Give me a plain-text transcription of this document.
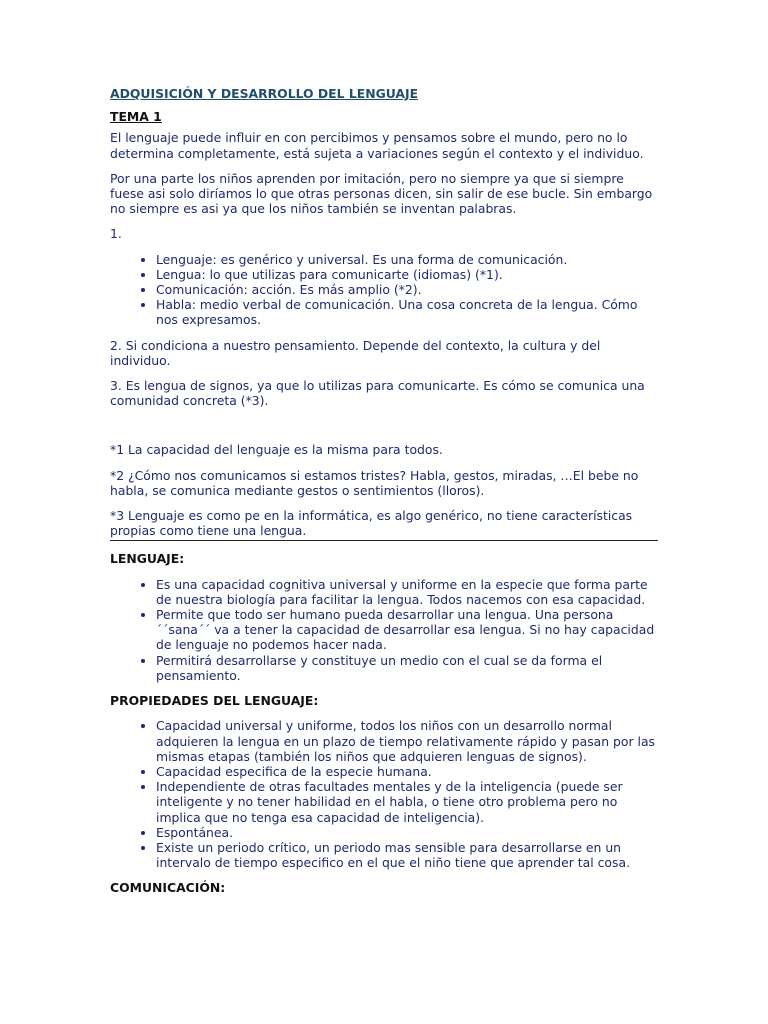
ADQUISICIÓN Y DESARROLLO DEL LENGUAJE
TEMA 1

El lenguaje puede influir en con percibimos y pensamos sobre el mundo, pero no lo determina completamente, está sujeta a variaciones según el contexto y el individuo.

Por una parte los niños aprenden por imitación, pero no siempre ya que si siempre fuese asi solo diríamos lo que otras personas dicen, sin salir de ese bucle. Sin embargo no siempre es asi ya que los niños también se inventan palabras.

1.

• Lenguaje: es genérico y universal. Es una forma de comunicación.
• Lengua: lo que utilizas para comunicarte (idiomas) (*1).
• Comunicación: acción. Es más amplio (*2).
• Habla: medio verbal de comunicación. Una cosa concreta de la lengua. Cómo nos expresamos.

2. Si condiciona a nuestro pensamiento. Depende del contexto, la cultura y del individuo.

3. Es lengua de signos, ya que lo utilizas para comunicarte. Es cómo se comunica una comunidad concreta (*3).

*1 La capacidad del lenguaje es la misma para todos.

*2 ¿Cómo nos comunicamos si estamos tristes? Habla, gestos, miradas, …El bebe no habla, se comunica mediante gestos o sentimientos (lloros).

*3 Lenguaje es como pe en la informática, es algo genérico, no tiene características propias como tiene una lengua.

LENGUAJE:
• Es una capacidad cognitiva universal y uniforme en la especie que forma parte de nuestra biología para facilitar la lengua. Todos nacemos con esa capacidad.
• Permite que todo ser humano pueda desarrollar una lengua. Una persona ´´sana´´ va a tener la capacidad de desarrollar esa lengua. Si no hay capacidad de lenguaje no podemos hacer nada.
• Permitirá desarrollarse y constituye un medio con el cual se da forma el pensamiento.
PROPIEDADES DEL LENGUAJE:
• Capacidad universal y uniforme, todos los niños con un desarrollo normal adquieren la lengua en un plazo de tiempo relativamente rápido y pasan por las mismas etapas (también los niños que adquieren lenguas de signos).
• Capacidad especifica de la especie humana.
• Independiente de otras facultades mentales y de la inteligencia (puede ser inteligente y no tener habilidad en el habla, o tiene otro problema pero no implica que no tenga esa capacidad de inteligencia).
• Espontánea.
• Existe un periodo crítico, un periodo mas sensible para desarrollarse en un intervalo de tiempo especifico en el que el niño tiene que aprender tal cosa.
COMUNICACIÓN:
